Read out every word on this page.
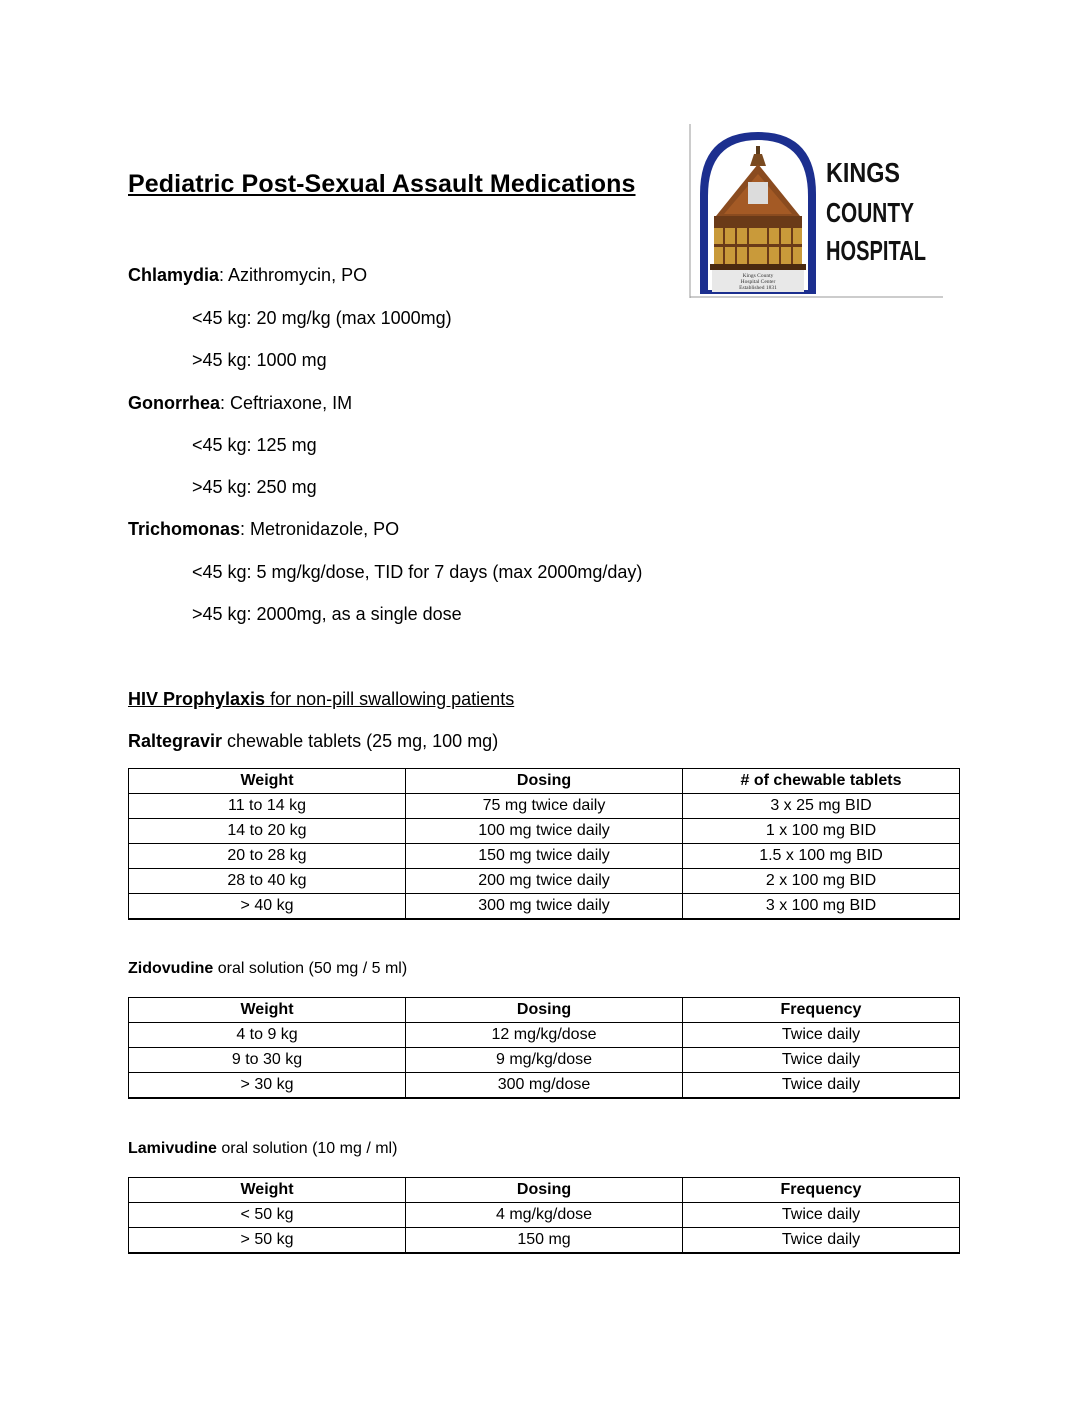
Pediatric Post-Sexual Assault Medications
Kings County
Hospital Center
Established 1831
KINGS
COUNTY
HOSPITAL
Chlamydia: Azithromycin, PO
<45 kg: 20 mg/kg (max 1000mg)
>45 kg: 1000 mg
Gonorrhea: Ceftriaxone, IM
<45 kg: 125 mg
>45 kg: 250 mg
Trichomonas: Metronidazole, PO
<45 kg: 5 mg/kg/dose, TID for 7 days (max 2000mg/day)
>45 kg: 2000mg, as a single dose
HIV Prophylaxis for non-pill swallowing patients
Raltegravir chewable tablets (25 mg, 100 mg)
Weight	Dosing	# of chewable tablets
11 to 14 kg	75 mg twice daily	3 x 25 mg BID
14 to 20 kg	100 mg twice daily	1 x 100 mg BID
20 to 28 kg	150 mg twice daily	1.5 x 100 mg BID
28 to 40 kg	200 mg twice daily	2 x 100 mg BID
> 40 kg	300 mg twice daily	3 x 100 mg BID
Zidovudine oral solution (50 mg / 5 ml)
Weight	Dosing	Frequency
4 to 9 kg	12 mg/kg/dose	Twice daily
9 to 30 kg	9 mg/kg/dose	Twice daily
> 30 kg	300 mg/dose	Twice daily
Lamivudine oral solution (10 mg / ml)
Weight	Dosing	Frequency
< 50 kg	4 mg/kg/dose	Twice daily
> 50 kg	150 mg	Twice daily
